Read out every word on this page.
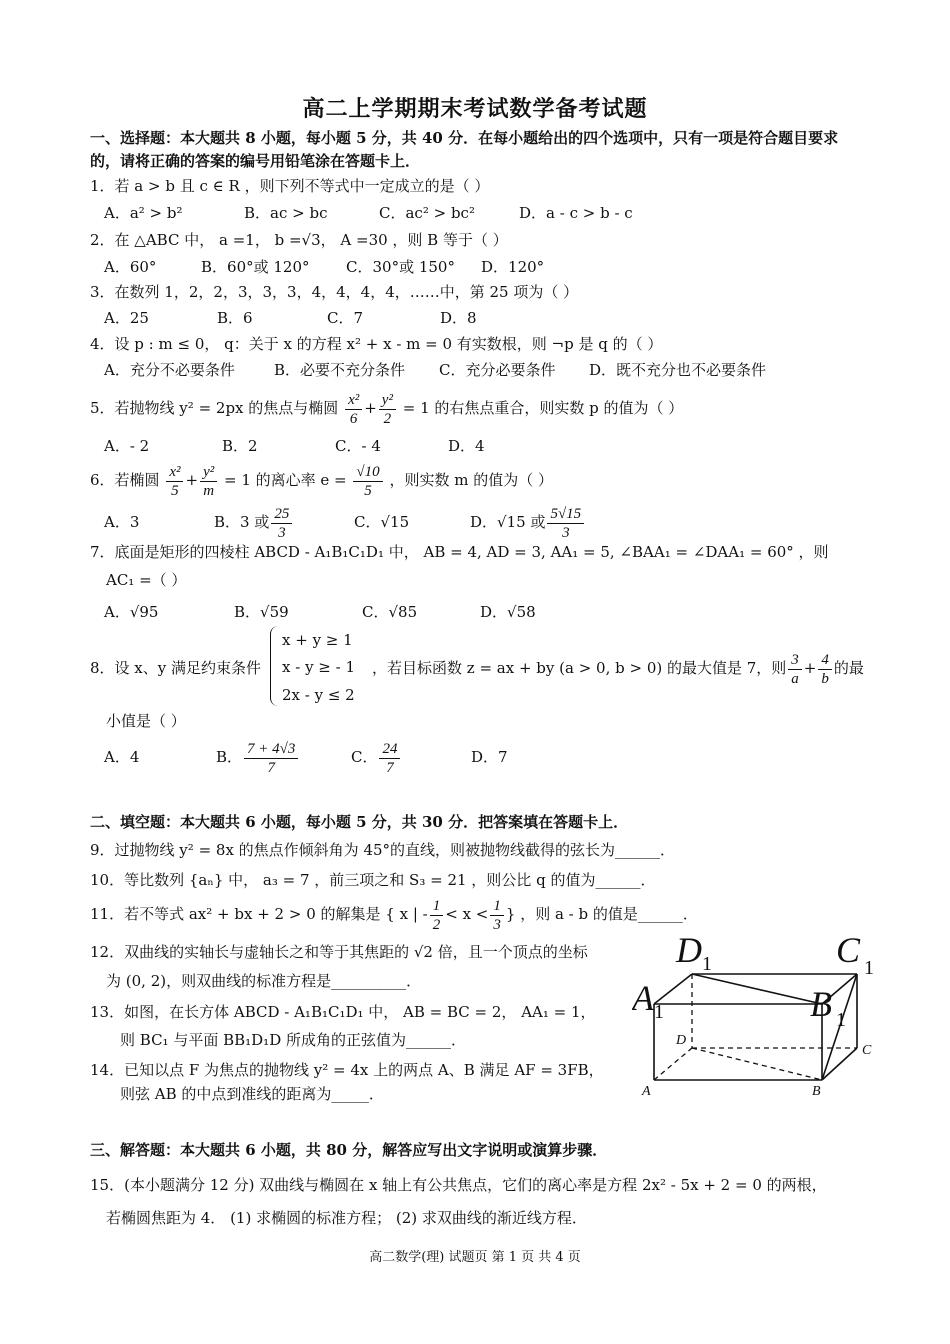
高二上学期期末考试数学备考试题
一、选择题：本大题共 8 小题，每小题 5 分，共 40 分．在每小题给出的四个选项中，只有一项是符合题目要求
的，请将正确的答案的编号用铅笔涂在答题卡上．
1．若 a > b 且 c ∈ R ，则下列不等式中一定成立的是（ ）
A．a² > b²	B．ac > bc	C．ac² > bc²	D．a - c > b - c
2．在 △ABC 中， a =1， b =√3， A =30 ，则 B 等于（ ）
A．60°	B．60°或 120° C．30°或 150° D．120°
3．在数列 1，2，2，3，3，3，4，4，4，4，……中，第 25 项为（ ）
A．25	B．6	C．7	D．8
4．设 p : m ≤ 0， q：关于 x 的方程 x² + x - m = 0 有实数根，则 ¬p 是 q 的（ ）
A．充分不必要条件	B．必要不充分条件 C．充分必要条件 D．既不充分也不必要条件
5．若抛物线 y² = 2px 的焦点与椭圆 $\frac{\text{x²}}{6} + \frac{\text{y²}}{2} = 1$ 的右焦点重合，则实数 p 的值为（ ）
A．- 2	B．2	C．- 4	D．4
6．若椭圆 $\frac{\text{x²}}{5} + \frac{\text{y²}}{m} = 1$ 的离心率 $e = \frac{√10}{5}$ ，则实数 m 的值为（ ）
A．3	B．3 或 $\frac{25}{3}$	C．√15	D．√15 或 $\frac{5√15}{3}$
7．底面是矩形的四棱柱 ABCD - A₁B₁C₁D₁ 中， AB = 4, AD = 3, AA₁ = 5, ∠BAA₁ = ∠DAA₁ = 60° ，则
AC₁ =（ ）
A．√95	B．√59	C．√85	D．√58
x + y ≥ 1
x - y ≥ - 1
2x - y ≤ 2
8．设 x、y 满足约束条件	，若目标函数 z = ax + by (a > 0, b > 0) 的最大值是 7，则 $\frac{3}{a} + \frac{4}{b}$ 的最
小值是（ ）
A．4	B． $\frac{7 + 4√3}{7}$	C． $\frac{24}{7}$	D．7
二、填空题：本大题共 6 小题，每小题 5 分，共 30 分．把答案填在答题卡上．
9．过抛物线 y² = 8x 的焦点作倾斜角为 45°的直线，则被抛物线截得的弦长为______．
10．等比数列 {aₙ} 中， a₃ = 7 ，前三项之和 S₃ = 21 ，则公比 q 的值为______．
11．若不等式 ax² + bx + 2 > 0 的解集是 { x | - $\frac{1}{2} < x < \frac{1}{3}$ } ，则 a - b 的值是______．
12．双曲线的实轴长与虚轴长之和等于其焦距的 √2 倍，且一个顶点的坐标
为 (0, 2)，则双曲线的标准方程是__________．
13．如图，在长方体 ABCD - A₁B₁C₁D₁ 中， AB = BC = 2， AA₁ = 1，
则 BC₁ 与平面 BB₁D₁D 所成角的正弦值为______．
14．已知以点 F 为焦点的抛物线 y² = 4x 上的两点 A、B 满足 AF = 3FB，
则弦 AB 的中点到准线的距离为_____．
D 1	C 1
A 1	B 1
D
C
A	B
三、解答题：本大题共 6 小题，共 80 分，解答应写出文字说明或演算步骤．
15．(本小题满分 12 分) 双曲线与椭圆在 x 轴上有公共焦点，它们的离心率是方程 2x² - 5x + 2 = 0 的两根，
若椭圆焦距为 4． (1) 求椭圆的标准方程； (2) 求双曲线的渐近线方程．
高二数学(理) 试题页 第 1 页 共 4 页
